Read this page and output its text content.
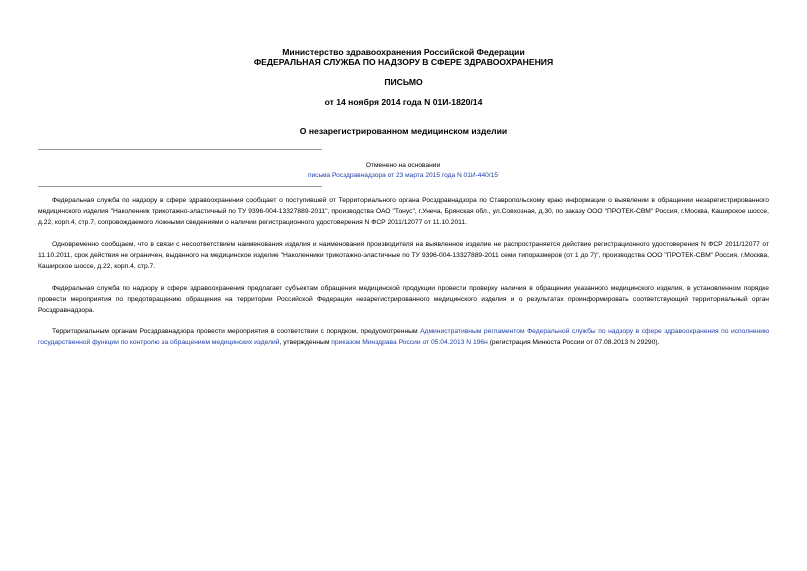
Министерство здравоохранения Российской Федерации
ФЕДЕРАЛЬНАЯ СЛУЖБА ПО НАДЗОРУ В СФЕРЕ ЗДРАВООХРАНЕНИЯ
ПИСЬМО
от 14 ноября 2014 года N 01И-1820/14
О незарегистрированном медицинском изделии
Отменено на основании
письма Росздравнадзора от 23 марта 2015 года N 01И-440/15
Федеральная служба по надзору в сфере здравоохранения сообщает о поступившей от Территориального органа Росздравнадзора по Ставропольскому краю информации о выявлении в обращении незарегистрированного медицинского изделия "Наколенник трикотажно-эластичный по ТУ 9396-004-13327889-2011", производства ОАО "Тонус", г.Унеча, Брянская обл., ул.Совхозная, д.30, по заказу ООО "ПРОТЕК-СВМ" Россия, г.Москва, Каширское шоссе, д.22, корп.4, стр.7, сопровождаемого ложными сведениями о наличии регистрационного удостоверения N ФСР 2011/12077 от 11.10.2011.
Одновременно сообщаем, что в связи с несоответствием наименования изделия и наименования производителя на выявленное изделие не распространяется действие регистрационного удостоверения N ФСР 2011/12077 от 11.10.2011, срок действия не ограничен, выданного на медицинское изделие "Наколенники трикотажно-эластичные по ТУ 9396-004-13327889-2011 семи типоразмеров (от 1 до 7)", производства ООО "ПРОТЕК-СВМ" Россия, г.Москва, Каширское шоссе, д.22, корп.4, стр.7.
Федеральная служба по надзору в сфере здравоохранения предлагает субъектам обращения медицинской продукции провести проверку наличия в обращении указанного медицинского изделия, в установленном порядке провести мероприятия по предотвращению обращения на территории Российской Федерации незарегистрированного медицинского изделия и о результатах проинформировать соответствующий территориальный орган Росздравнадзора.
Территориальным органам Росздравнадзора провести мероприятия в соответствии с порядком, предусмотренным Административным регламентом Федеральной службы по надзору в сфере здравоохранения по исполнению государственной функции по контролю за обращением медицинских изделий, утвержденным приказом Минздрава России от 05.04.2013 N 196н (регистрация Минюста России от 07.08.2013 N 29290).
